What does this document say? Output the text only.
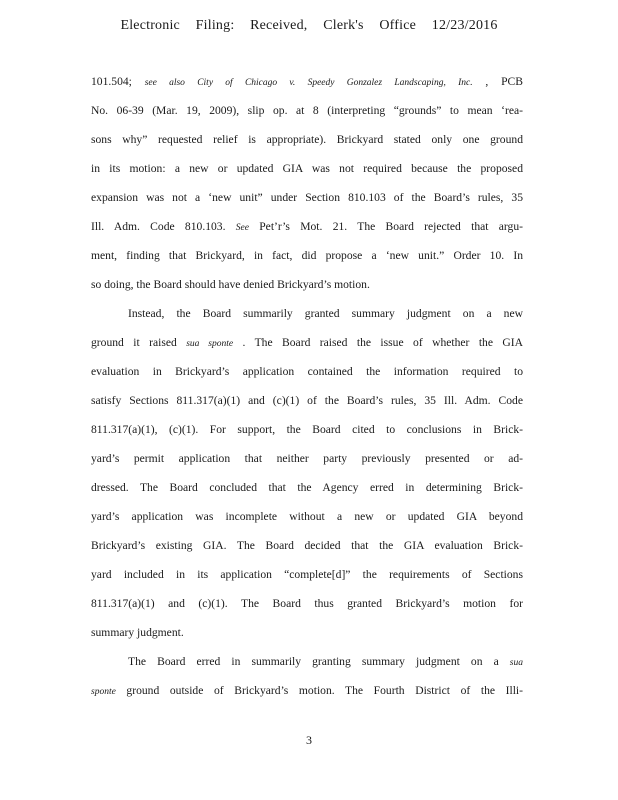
Electronic Filing: Received, Clerk's Office 12/23/2016
101.504; see also City of Chicago v. Speedy Gonzalez Landscaping, Inc. , PCB
No. 06-39 (Mar. 19, 2009), slip op. at 8 (interpreting “grounds” to mean ‘rea-
sons why” requested relief is appropriate). Brickyard stated only one ground
in its motion: a new or updated GIA was not required because the proposed
expansion was not a ‘new unit” under Section 810.103 of the Board’s rules, 35
Ill. Adm. Code 810.103. See Pet’r’s Mot. 21. The Board rejected that argu-
ment, finding that Brickyard, in fact, did propose a ‘new unit.” Order 10. In
so doing, the Board should have denied Brickyard’s motion.
Instead, the Board summarily granted summary judgment on a new
ground it raised sua sponte . The Board raised the issue of whether the GIA
evaluation in Brickyard’s application contained the information required to
satisfy Sections 811.317(a)(1) and (c)(1) of the Board’s rules, 35 Ill. Adm. Code
811.317(a)(1), (c)(1). For support, the Board cited to conclusions in Brick-
yard’s permit application that neither party previously presented or ad-
dressed. The Board concluded that the Agency erred in determining Brick-
yard’s application was incomplete without a new or updated GIA beyond
Brickyard’s existing GIA. The Board decided that the GIA evaluation Brick-
yard included in its application “complete[d]” the requirements of Sections
811.317(a)(1) and (c)(1). The Board thus granted Brickyard’s motion for
summary judgment.
The Board erred in summarily granting summary judgment on a sua
sponte ground outside of Brickyard’s motion. The Fourth District of the Illi-
3
